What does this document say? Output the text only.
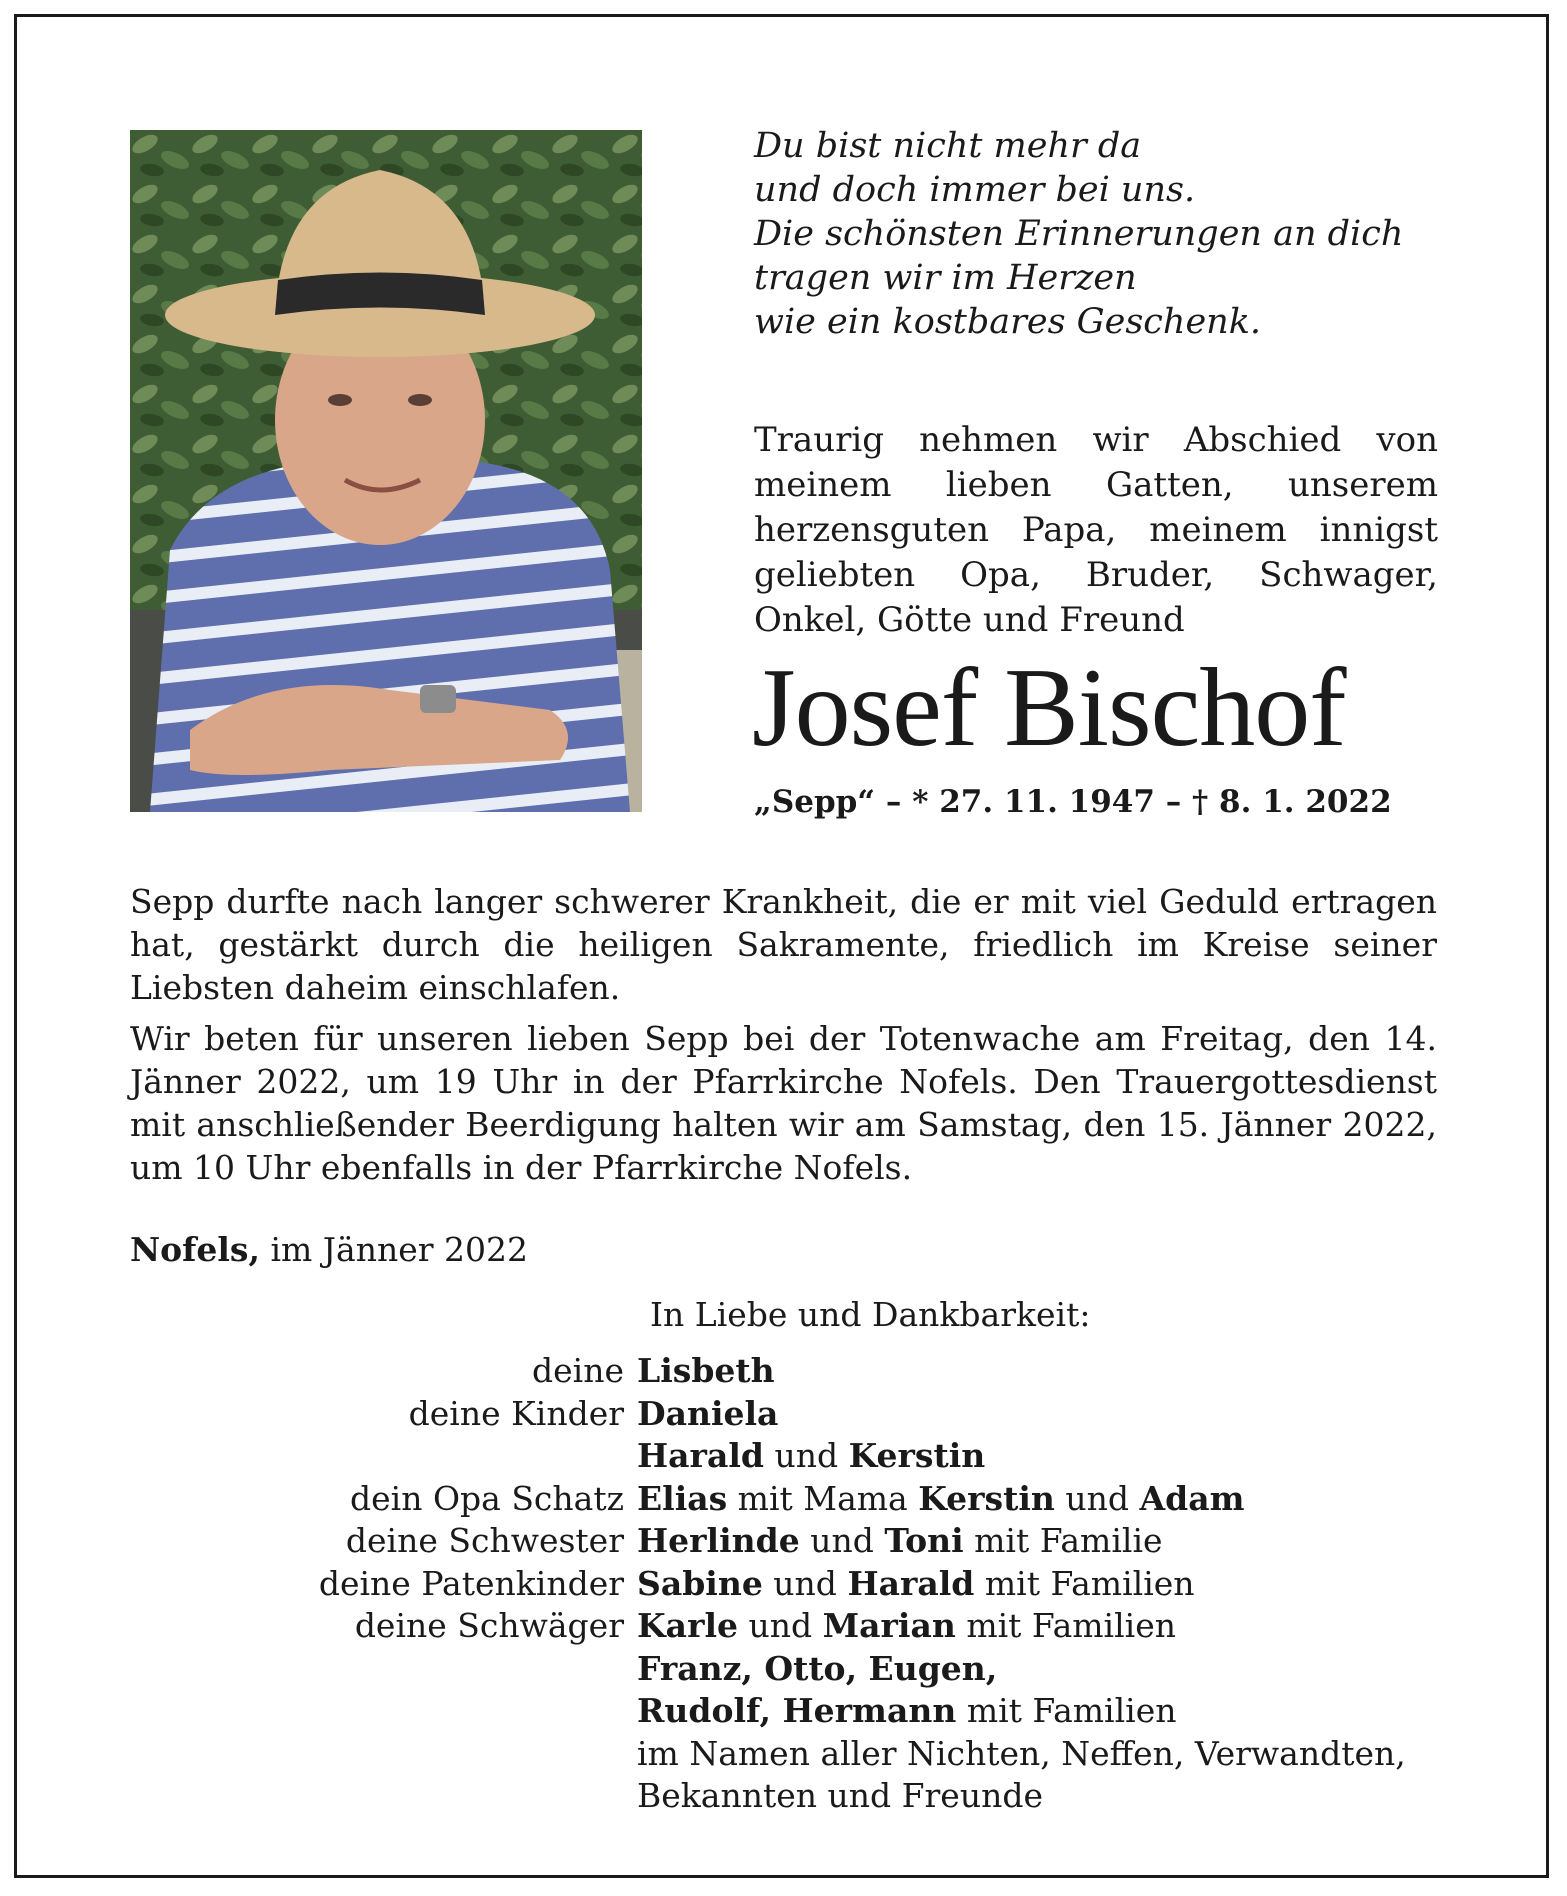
Du bist nicht mehr da
und doch immer bei uns.
Die schönsten Erinnerungen an dich
tragen wir im Herzen
wie ein kostbares Geschenk.
Traurig nehmen wir Abschied von meinem lieben Gatten, unserem herzensguten Papa, meinem innigst geliebten Opa, Bruder, Schwager, Onkel, Götte und Freund
Josef Bischof
„Sepp“ – * 27. 11. 1947 – † 8. 1. 2022

Sepp durfte nach langer schwerer Krankheit, die er mit viel Geduld ertragen hat, gestärkt durch die heiligen Sakramente, friedlich im Kreise seiner Liebsten daheim einschlafen.

Wir beten für unseren lieben Sepp bei der Totenwache am Freitag, den 14. Jänner 2022, um 19 Uhr in der Pfarrkirche Nofels. Den Trauergottesdienst mit anschließender Beerdigung halten wir am Samstag, den 15. Jänner 2022, um 10 Uhr ebenfalls in der Pfarrkirche Nofels.

Nofels, im Jänner 2022
In Liebe und Dankbarkeit:
deine Lisbeth
deine Kinder Daniela
Harald und Kerstin
dein Opa Schatz Elias mit Mama Kerstin und Adam
deine Schwester Herlinde und Toni mit Familie
deine Patenkinder Sabine und Harald mit Familien
deine Schwäger Karle und Marian mit Familien
Franz, Otto, Eugen,
Rudolf, Hermann mit Familien
im Namen aller Nichten, Neffen, Verwandten,
Bekannten und Freunde
